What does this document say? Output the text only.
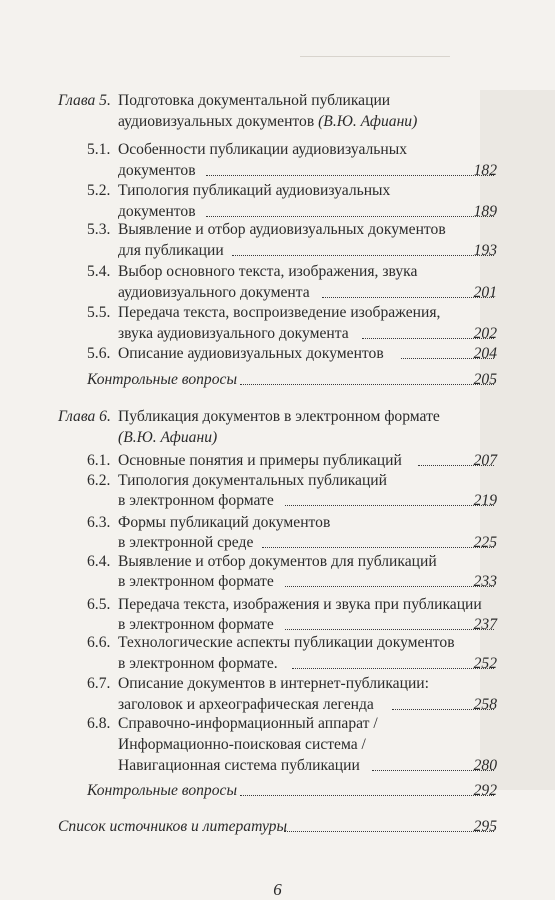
Глава 5. Подготовка документальной публикации
аудиовизуальных документов (В.Ю. Афиани)
5.1. Особенности публикации аудиовизуальных
документов	182
5.2. Типология публикаций аудиовизуальных
документов	189
5.3. Выявление и отбор аудиовизуальных документов
для публикации	193
5.4. Выбор основного текста, изображения, звука
аудиовизуального документа	201
5.5. Передача текста, воспроизведение изображения,
звука аудиовизуального документа	202
5.6. Описание аудиовизуальных документов	204
Контрольные вопросы	205
Глава 6. Публикация документов в электронном формате
(В.Ю. Афиани)
6.1. Основные понятия и примеры публикаций	207
6.2. Типология документальных публикаций
в электронном формате	219
6.3. Формы публикаций документов
в электронной среде	225
6.4. Выявление и отбор документов для публикаций
в электронном формате	233
6.5. Передача текста, изображения и звука при публикации
в электронном формате	237
6.6. Технологические аспекты публикации документов
в электронном формате.	252
6.7. Описание документов в интернет-публикации:
заголовок и археографическая легенда	258
6.8. Справочно-информационный аппарат /
Информационно-поисковая система /
Навигационная система публикации	280
Контрольные вопросы	292
Список источников и литературы	295
6
